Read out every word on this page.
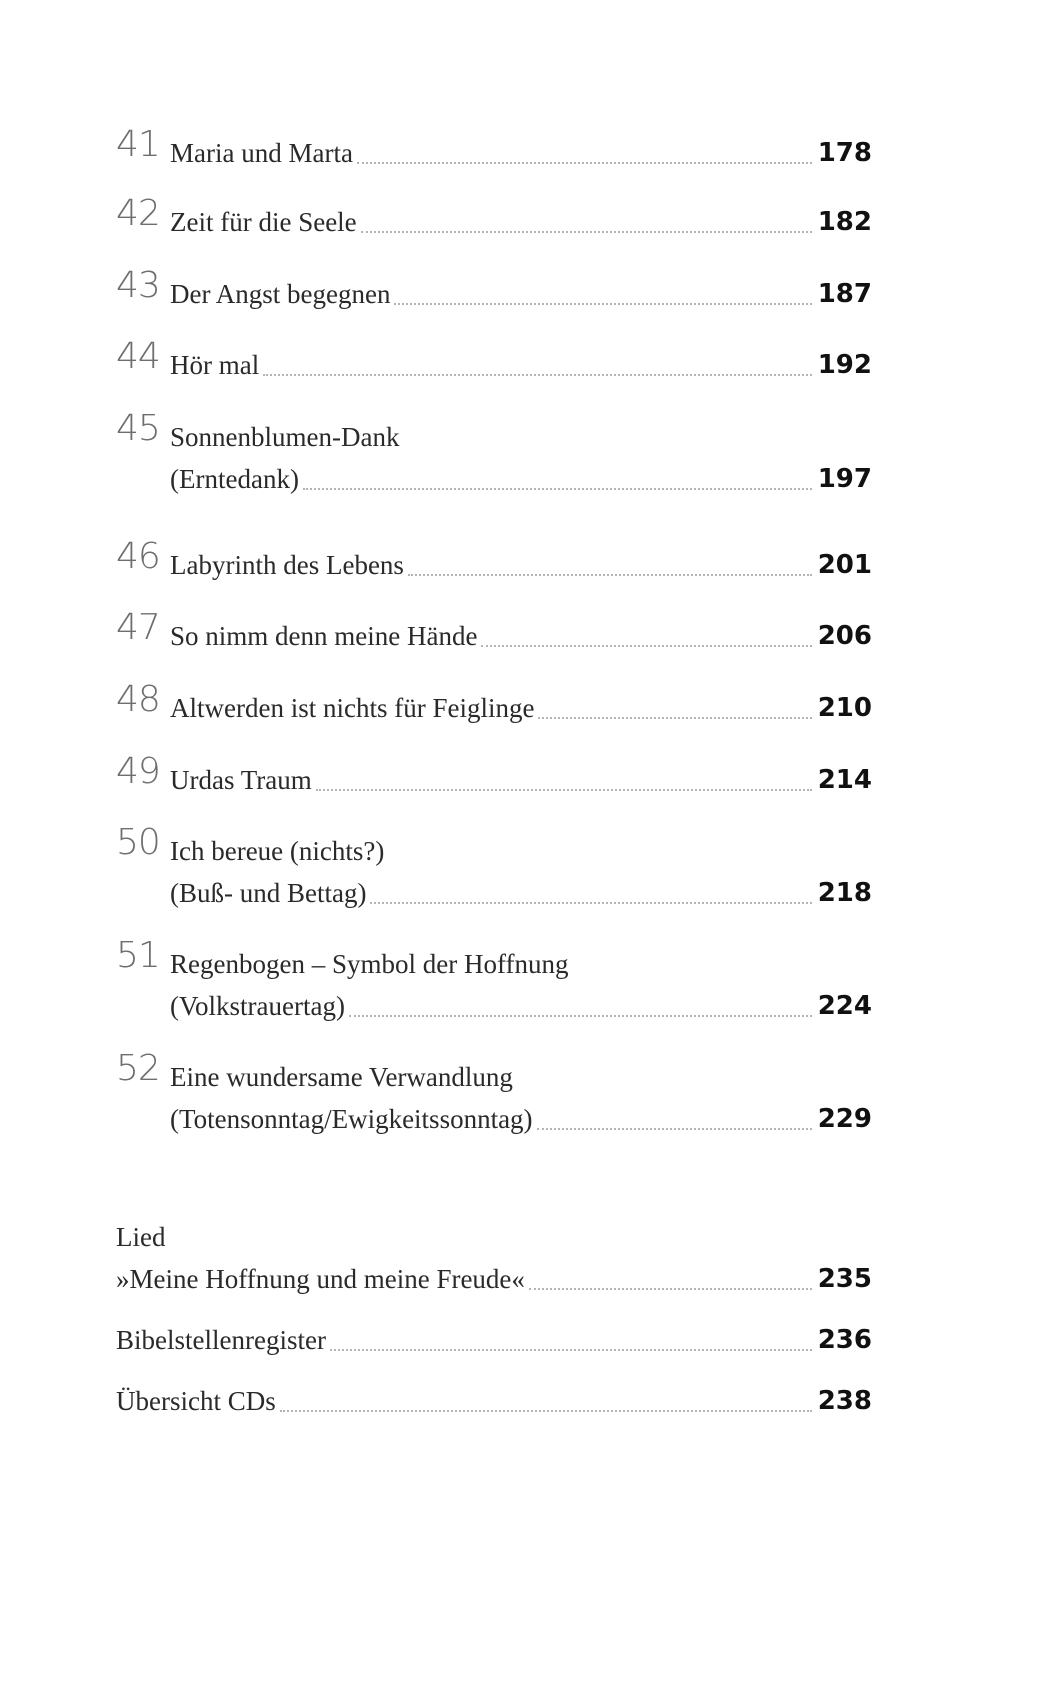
41 Maria und Marta	178
42 Zeit für die Seele	182
43 Der Angst begegnen	187
44 Hör mal	192
45 Sonnenblumen-Dank
(Erntedank)	197
46 Labyrinth des Lebens	201
47 So nimm denn meine Hände	206
48 Altwerden ist nichts für Feiglinge	210
49 Urdas Traum	214
50 Ich bereue (nichts?)
(Buß- und Bettag)	218
51 Regenbogen – Symbol der Hoffnung
(Volkstrauertag)	224
52 Eine wundersame Verwandlung
(Totensonntag/Ewigkeitssonntag)	229
Lied
»Meine Hoffnung und meine Freude«	235
Bibelstellenregister	236
Übersicht CDs	238
